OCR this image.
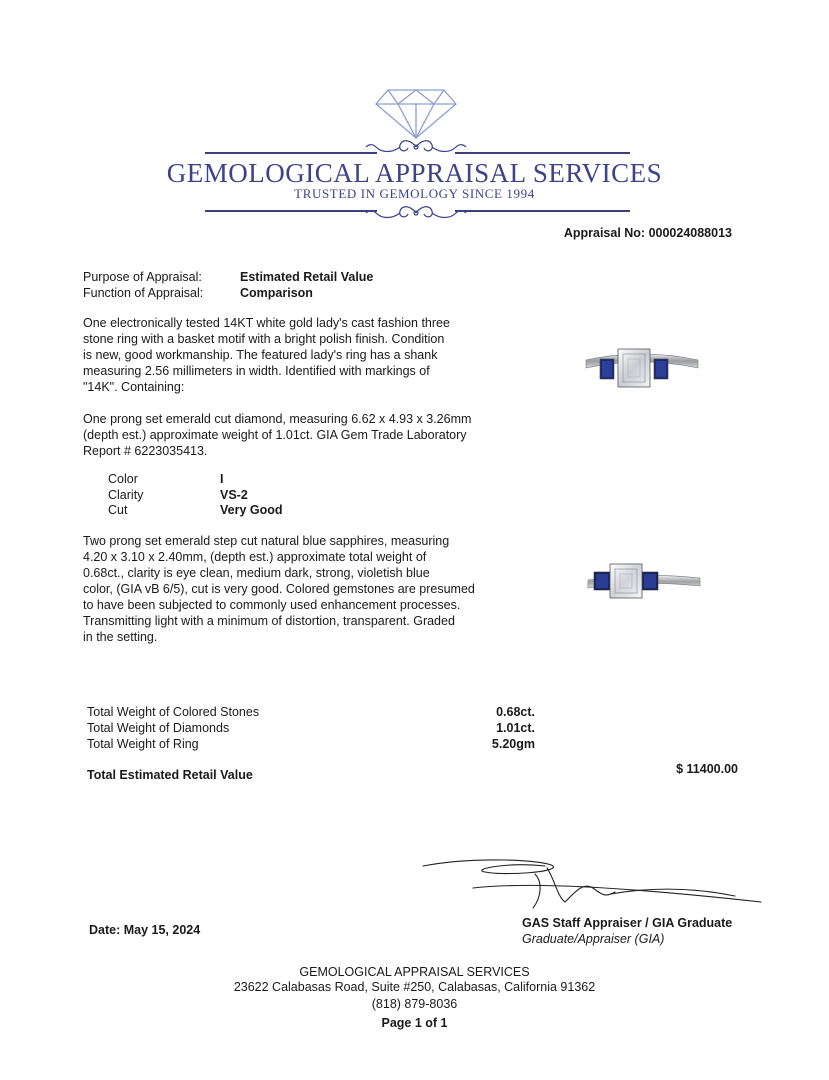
GEMOLOGICAL APPRAISAL SERVICES
TRUSTED IN GEMOLOGY SINCE 1994
Appraisal No: 000024088013
Purpose of Appraisal:	Estimated Retail Value
Function of Appraisal:	Comparison

One electronically tested 14KT white gold lady's cast fashion three

stone ring with a basket motif with a bright polish finish. Condition

is new, good workmanship. The featured lady's ring has a shank

measuring 2.56 millimeters in width. Identified with markings of

"14K". Containing:

One prong set emerald cut diamond, measuring 6.62 x 4.93 x 3.26mm

(depth est.) approximate weight of 1.01ct. GIA Gem Trade Laboratory

Report # 6223035413.

Color	I
Clarity	VS-2
Cut	Very Good

Two prong set emerald step cut natural blue sapphires, measuring

4.20 x 3.10 x 2.40mm, (depth est.) approximate total weight of

0.68ct., clarity is eye clean, medium dark, strong, violetish blue

color, (GIA vB 6/5), cut is very good. Colored gemstones are presumed

to have been subjected to commonly used enhancement processes.

Transmitting light with a minimum of distortion, transparent. Graded

in the setting.

Total Weight of Colored Stones	0.68ct.
Total Weight of Diamonds	1.01ct.
Total Weight of Ring	5.20gm
Total Estimated Retail Value	$ 11400.00
GAS Staff Appraiser / GIA Graduate
Graduate/Appraiser (GIA)
Date: May 15, 2024
GEMOLOGICAL APPRAISAL SERVICES
23622 Calabasas Road, Suite #250, Calabasas, California 91362
(818) 879-8036
Page 1 of 1
